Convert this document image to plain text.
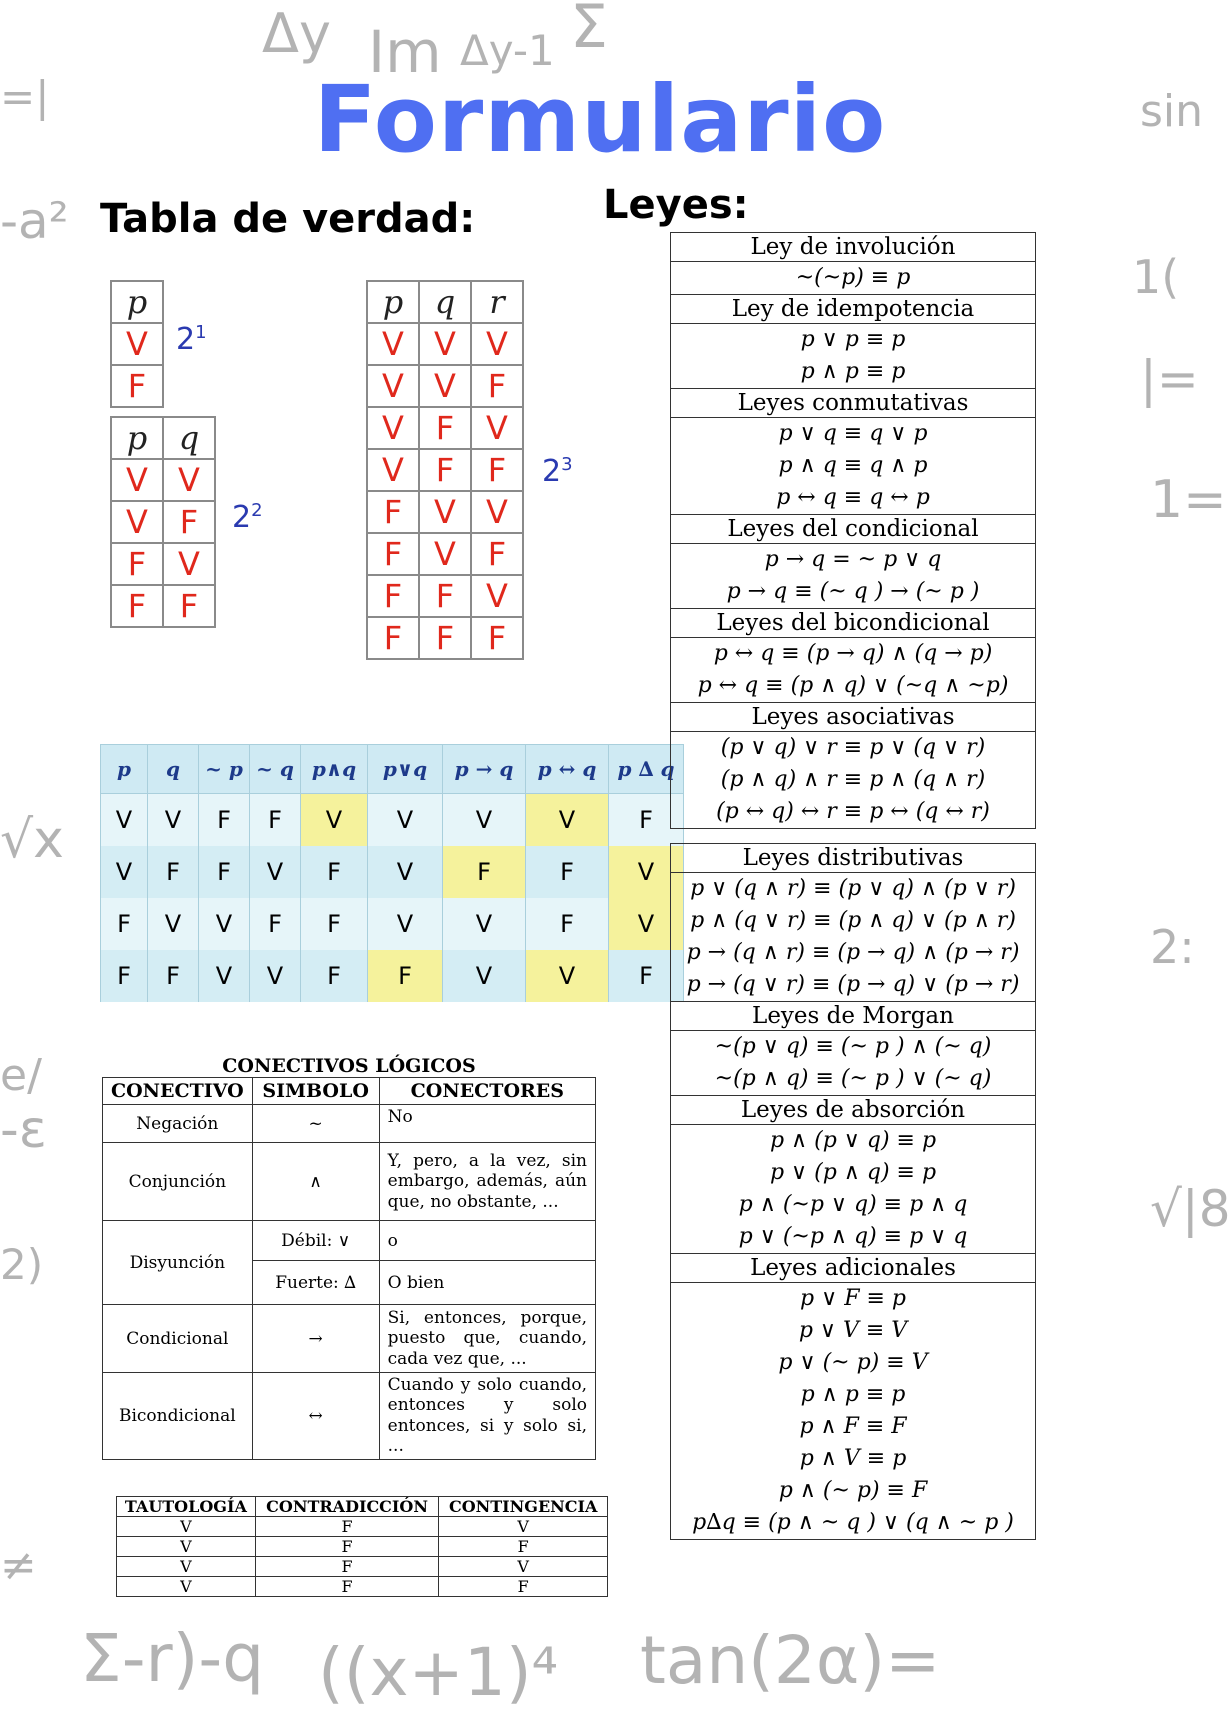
Δy Im Δy-1 Σ
=|
-a²
|=
1(
1=
2:
≠
√x
-ε
2)
e/
Σ-r)-q ((x+1)⁴ tan(2α)=
sin
√|8
Formulario
Tabla de verdad:	Leyes:
p
V
F
$2^1$
p	q
V	V
V	F
F	V
F	F
$2^2$
p	q	r
V	V	V
V	V	F
V	F	V
V	F	F
F	V	V
F	V	F
F	F	V
F	F	F
$2^3$
p	q	~ p	~ q	p∧q	p∨q	p → q	p ↔ q	p ∆ q
V	V	F	F	V	V	V	V	F
V	F	F	V	F	V	F	F	V
F	V	V	F	F	V	V	F	V
F	F	V	V	F	F	V	V	F
CONECTIVOS LÓGICOS		
CONECTIVO	SIMBOLO	CONECTORES
Negación	~	No
Conjunción	∧	Y, pero, a la vez, sin embargo, además, aún que, no obstante, ...
Disyunción	Débil: ∨	o
	Fuerte: ∆	O bien
Condicional	→	Si, entonces, porque, puesto que, cuando, cada vez que, ...
Bicondicional	↔	Cuando y solo cuando, entonces y solo entonces, si y solo si, ...
TAUTOLOGÍA	CONTRADICCIÓN	CONTINGENCIA
V	F	V
V	F	F
V	F	V
V	F	F
Ley de involución
~(~p) ≡ p
Ley de idempotencia
p ∨ p ≡ p
p ∧ p ≡ p
Leyes conmutativas
p ∨ q ≡ q ∨ p
p ∧ q ≡ q ∧ p
p ↔ q ≡ q ↔ p
Leyes del condicional
p → q = ~ p ∨ q
p → q ≡ (~ q ) → (~ p )
Leyes del bicondicional
p ↔ q ≡ (p → q) ∧ (q → p)
p ↔ q ≡ (p ∧ q) ∨ (~q ∧ ~p)
Leyes asociativas
(p ∨ q) ∨ r ≡ p ∨ (q ∨ r)
(p ∧ q) ∧ r ≡ p ∧ (q ∧ r)
(p ↔ q) ↔ r ≡ p ↔ (q ↔ r)
Leyes distributivas
p ∨ (q ∧ r) ≡ (p ∨ q) ∧ (p ∨ r)
p ∧ (q ∨ r) ≡ (p ∧ q) ∨ (p ∧ r)
p → (q ∧ r) ≡ (p → q) ∧ (p → r)
p → (q ∨ r) ≡ (p → q) ∨ (p → r)
Leyes de Morgan
~(p ∨ q) ≡ (~ p ) ∧ (~ q)
~(p ∧ q) ≡ (~ p ) ∨ (~ q)
Leyes de absorción
p ∧ (p ∨ q) ≡ p
p ∨ (p ∧ q) ≡ p
p ∧ (~p ∨ q) ≡ p ∧ q
p ∨ (~p ∧ q) ≡ p ∨ q
Leyes adicionales
p ∨ F ≡ p
p ∨ V ≡ V
p ∨ (~ p) ≡ V
p ∧ p ≡ p
p ∧ F ≡ F
p ∧ V ≡ p
p ∧ (~ p) ≡ F
p∆q ≡ (p ∧ ~ q ) ∨ (q ∧ ~ p )
